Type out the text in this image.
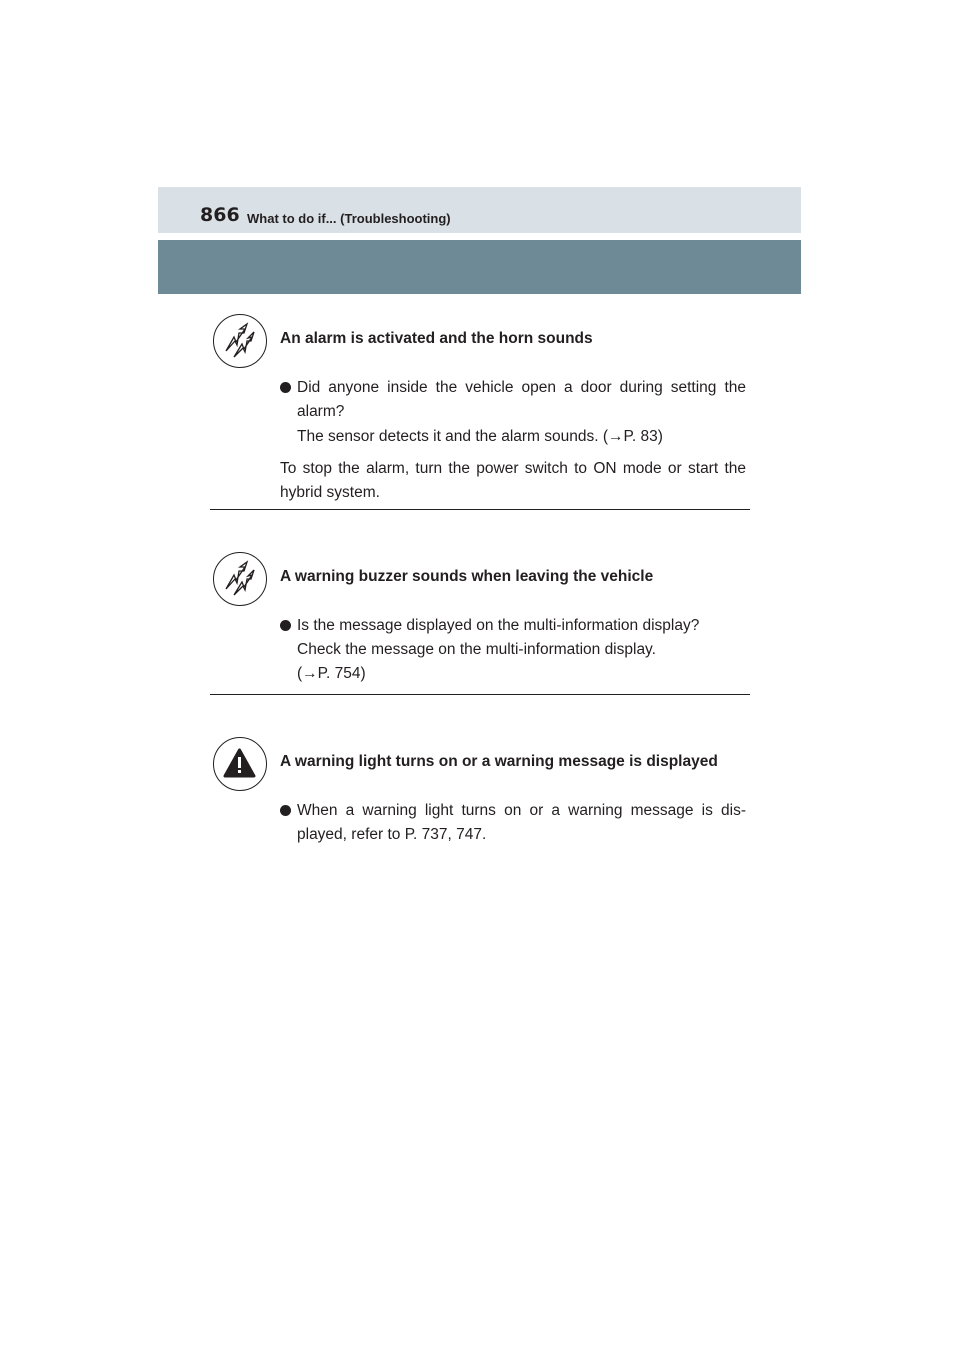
866 What to do if... (Troubleshooting)
An alarm is activated and the horn sounds
Did anyone inside the vehicle open a door during setting the alarm?
The sensor detects it and the alarm sounds. (→P. 83)
To stop the alarm, turn the power switch to ON mode or start the hybrid system.
A warning buzzer sounds when leaving the vehicle
Is the message displayed on the multi-information display?
Check the message on the multi-information display.
(→P. 754)
A warning light turns on or a warning message is displayed
When a warning light turns on or a warning message is dis-played, refer to P. 737, 747.
